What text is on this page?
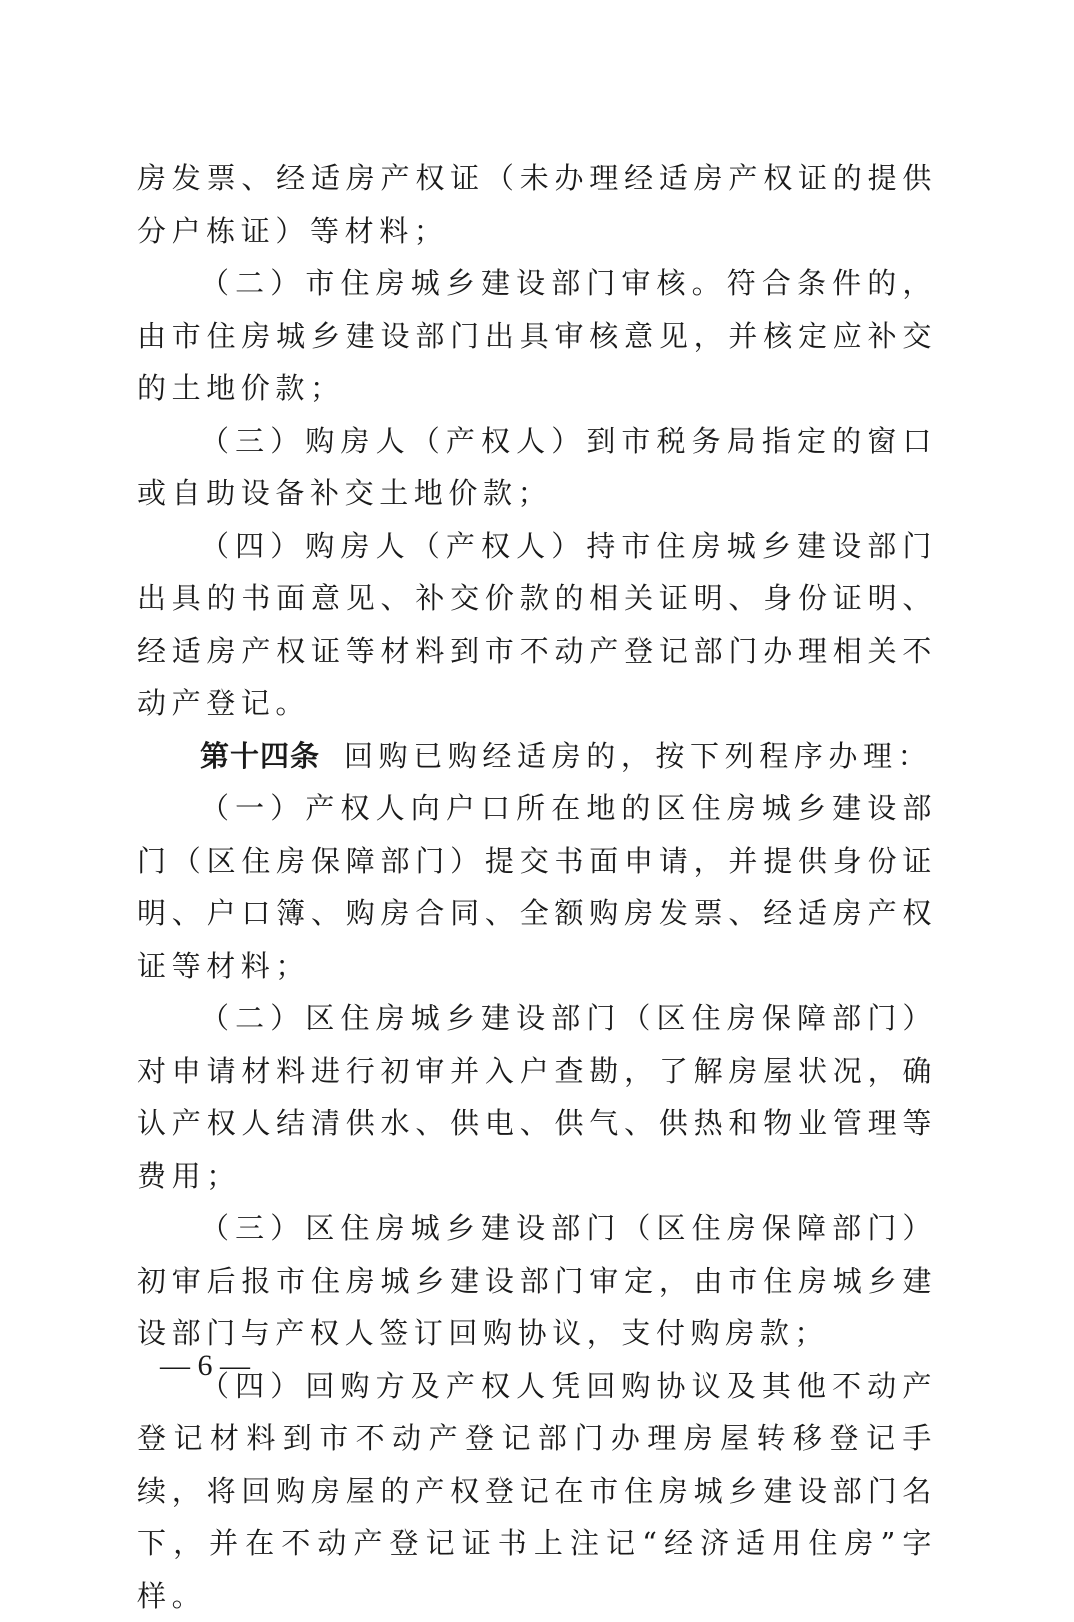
房发票、经适房产权证（未办理经适房产权证的提供分户栋证）等材料；

（二）市住房城乡建设部门审核。符合条件的，由市住房城乡建设部门出具审核意见，并核定应补交的土地价款；

（三）购房人（产权人）到市税务局指定的窗口或自助设备补交土地价款；

（四）购房人（产权人）持市住房城乡建设部门出具的书面意见、补交价款的相关证明、身份证明、经适房产权证等材料到市不动产登记部门办理相关不动产登记。

第十四条 回购已购经适房的，按下列程序办理：

（一）产权人向户口所在地的区住房城乡建设部门（区住房保障部门）提交书面申请，并提供身份证明、户口簿、购房合同、全额购房发票、经适房产权证等材料；

（二）区住房城乡建设部门（区住房保障部门）对申请材料进行初审并入户查勘，了解房屋状况，确认产权人结清供水、供电、供气、供热和物业管理等费用；

（三）区住房城乡建设部门（区住房保障部门）初审后报市住房城乡建设部门审定，由市住房城乡建设部门与产权人签订回购协议，支付购房款；

（四）回购方及产权人凭回购协议及其他不动产登记材料到市不动产登记部门办理房屋转移登记手续，将回购房屋的产权登记在市住房城乡建设部门名下，并在不动产登记证书上注记“经济适用住房”字样。

— 6 —
